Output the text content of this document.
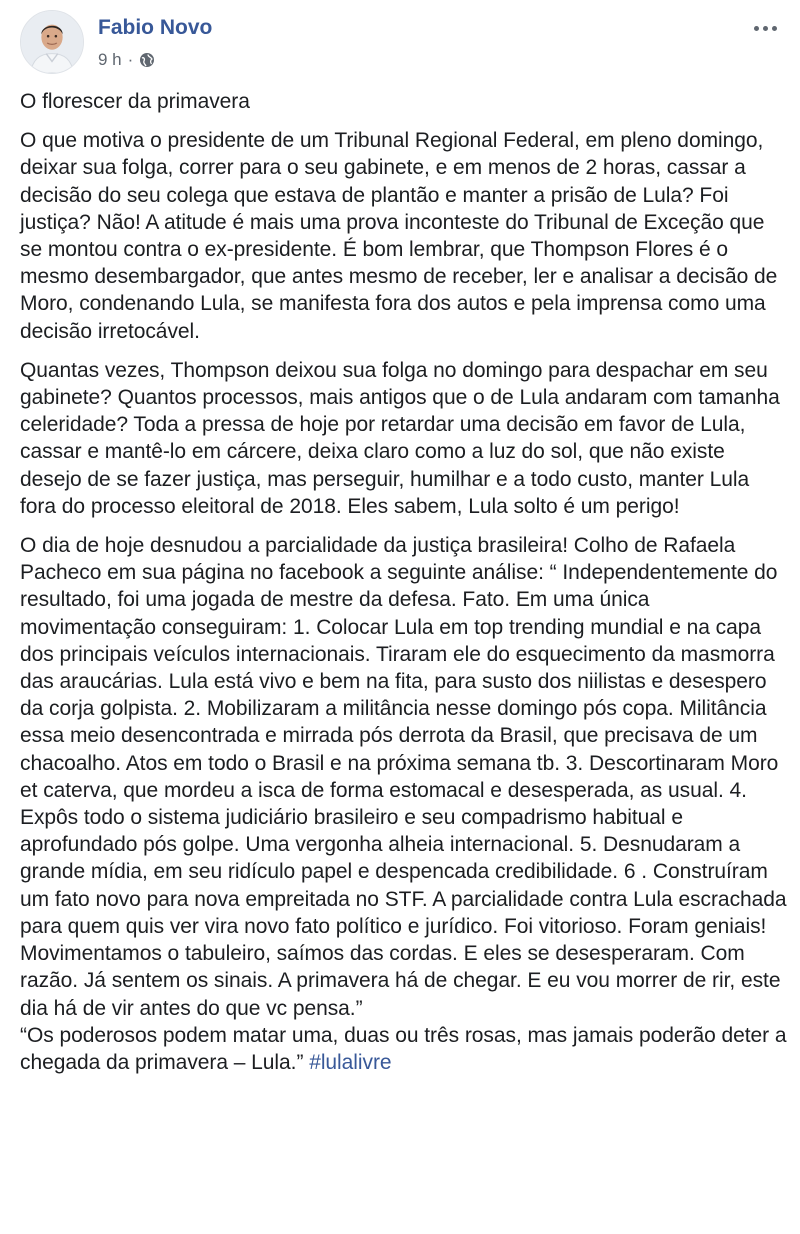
Fabio Novo
9 h ·

O florescer da primavera

O que motiva o presidente de um Tribunal Regional Federal, em pleno domingo, deixar sua folga, correr para o seu gabinete, e em menos de 2 horas, cassar a decisão do seu colega que estava de plantão e manter a prisão de Lula? Foi justiça? Não! A atitude é mais uma prova inconteste do Tribunal de Exceção que se montou contra o ex-presidente. É bom lembrar, que Thompson Flores é o mesmo desembargador, que antes mesmo de receber, ler e analisar a decisão de Moro, condenando Lula, se manifesta fora dos autos e pela imprensa como uma decisão irretocável.

Quantas vezes, Thompson deixou sua folga no domingo para despachar em seu gabinete? Quantos processos, mais antigos que o de Lula andaram com tamanha celeridade? Toda a pressa de hoje por retardar uma decisão em favor de Lula, cassar e mantê-lo em cárcere, deixa claro como a luz do sol, que não existe desejo de se fazer justiça, mas perseguir, humilhar e a todo custo, manter Lula fora do processo eleitoral de 2018. Eles sabem, Lula solto é um perigo!

O dia de hoje desnudou a parcialidade da justiça brasileira! Colho de Rafaela Pacheco em sua página no facebook a seguinte análise: “ Independentemente do resultado, foi uma jogada de mestre da defesa. Fato. Em uma única movimentação conseguiram: 1. Colocar Lula em top trending mundial e na capa dos principais veículos internacionais. Tiraram ele do esquecimento da masmorra das araucárias. Lula está vivo e bem na fita, para susto dos niilistas e desespero da corja golpista. 2. Mobilizaram a militância nesse domingo pós copa. Militância essa meio desencontrada e mirrada pós derrota da Brasil, que precisava de um chacoalho. Atos em todo o Brasil e na próxima semana tb. 3. Descortinaram Moro et caterva, que mordeu a isca de forma estomacal e desesperada, as usual. 4. Expôs todo o sistema judiciário brasileiro e seu compadrismo habitual e aprofundado pós golpe. Uma vergonha alheia internacional. 5. Desnudaram a grande mídia, em seu ridículo papel e despencada credibilidade. 6 . Construíram um fato novo para nova empreitada no STF. A parcialidade contra Lula escrachada para quem quis ver vira novo fato político e jurídico. Foi vitorioso. Foram geniais! Movimentamos o tabuleiro, saímos das cordas. E eles se desesperaram. Com razão. Já sentem os sinais. A primavera há de chegar. E eu vou morrer de rir, este dia há de vir antes do que vc pensa.”

“Os poderosos podem matar uma, duas ou três rosas, mas jamais poderão deter a chegada da primavera – Lula.” #lulalivre
